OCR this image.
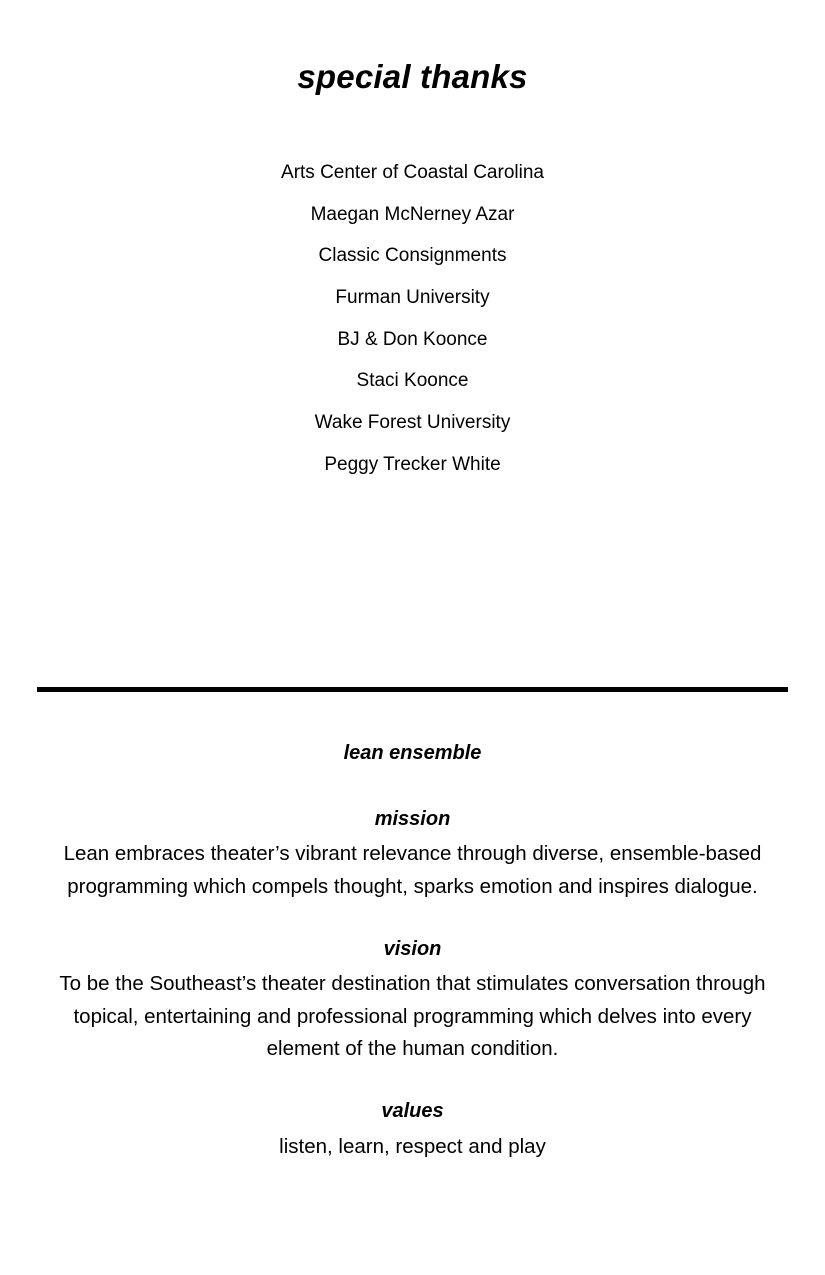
special thanks
Arts Center of Coastal Carolina
Maegan McNerney Azar
Classic Consignments
Furman University
BJ & Don Koonce
Staci Koonce
Wake Forest University
Peggy Trecker White
lean ensemble
mission
Lean embraces theater’s vibrant relevance through diverse, ensemble-based programming which compels thought, sparks emotion and inspires dialogue.
vision
To be the Southeast’s theater destination that stimulates conversation through topical, entertaining and professional programming which delves into every element of the human condition.
values
listen, learn, respect and play
